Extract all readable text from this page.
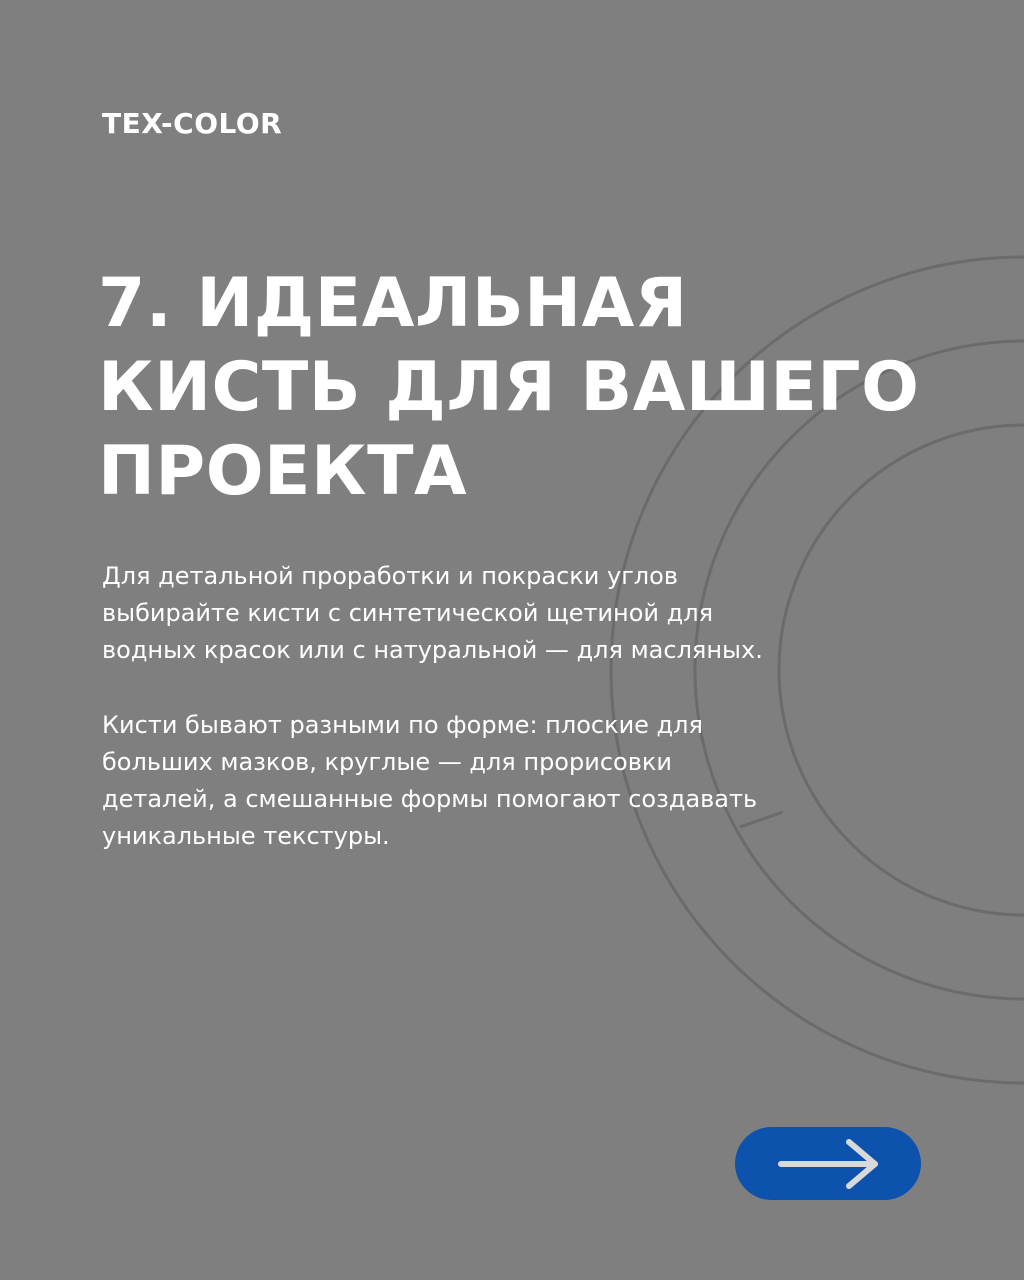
TEX-COLOR
7. ИДЕАЛЬНАЯ
КИСТЬ ДЛЯ ВАШЕГО
ПРОЕКТА

Для детальной проработки и покраски углов
выбирайте кисти с синтетической щетиной для
водных красок или с натуральной — для масляных.

Кисти бывают разными по форме: плоские для
больших мазков, круглые — для прорисовки
деталей, а смешанные формы помогают создавать
уникальные текстуры.
